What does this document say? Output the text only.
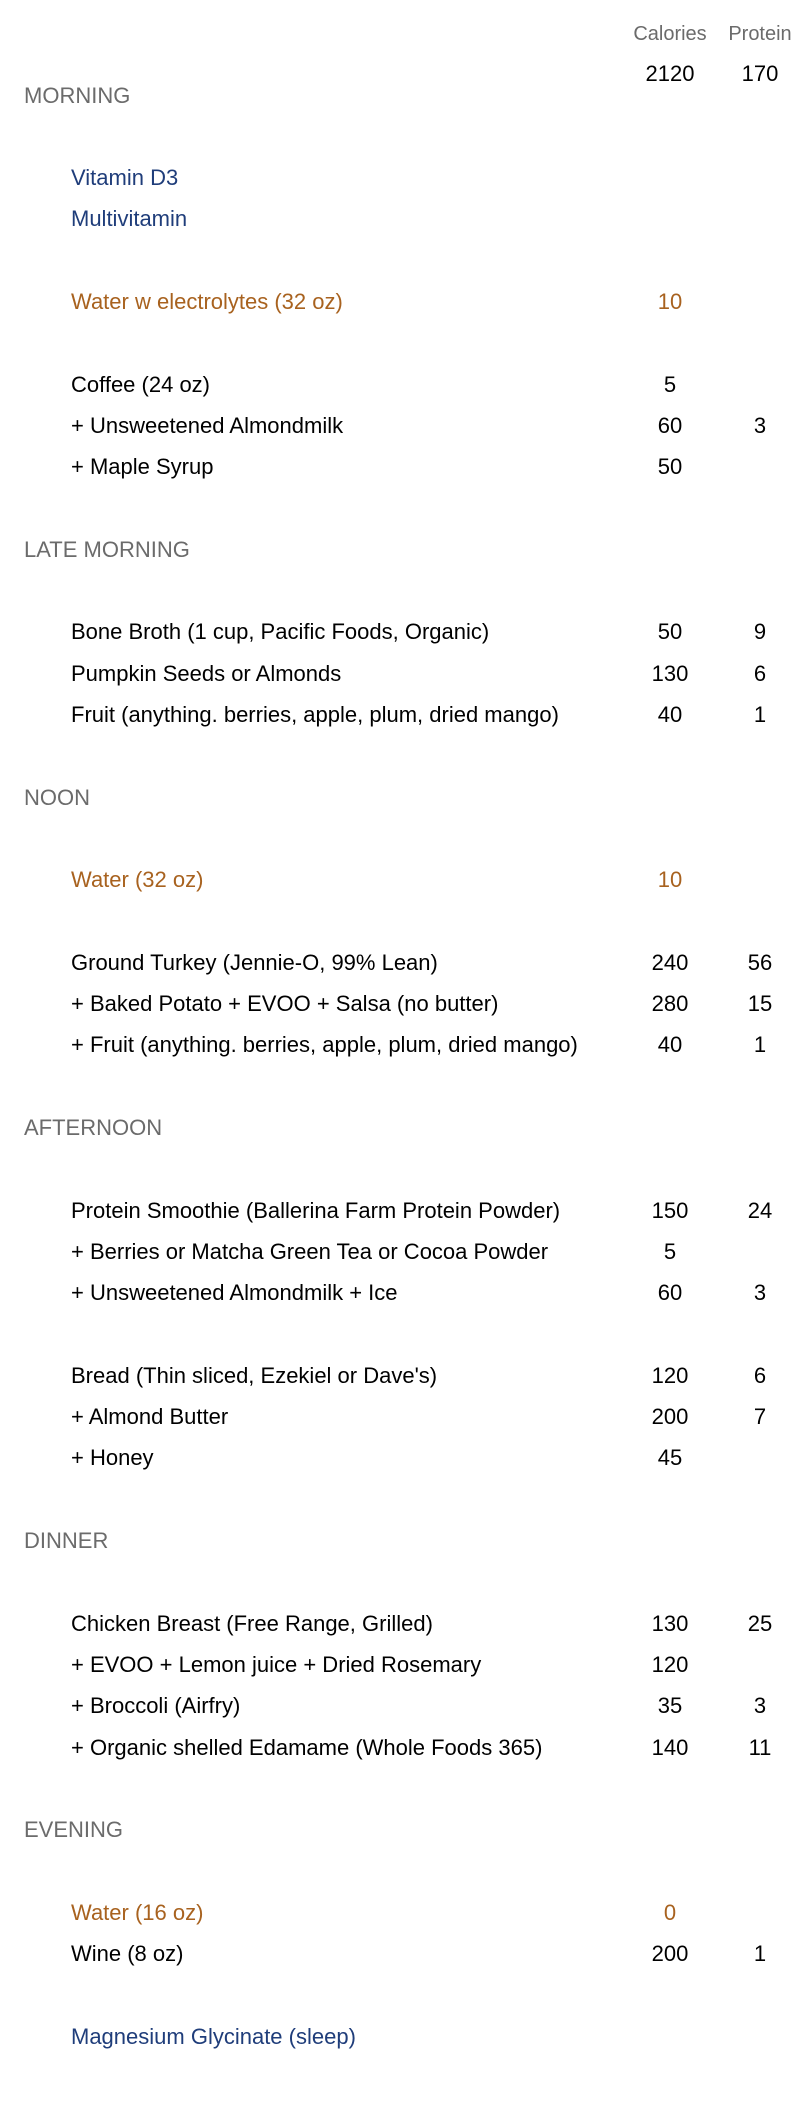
Calories	Protein
2120	170
MORNING
Vitamin D3
Multivitamin
Water w electrolytes (32 oz)	10
Coffee (24 oz)	5
+ Unsweetened Almondmilk	60	3
+ Maple Syrup	50
LATE MORNING
Bone Broth (1 cup, Pacific Foods, Organic)	50	9
Pumpkin Seeds or Almonds	130	6
Fruit (anything. berries, apple, plum, dried mango)	40	1
NOON
Water (32 oz)	10
Ground Turkey (Jennie-O, 99% Lean)	240	56
+ Baked Potato + EVOO + Salsa (no butter)	280	15
+ Fruit (anything. berries, apple, plum, dried mango)	40	1
AFTERNOON
Protein Smoothie (Ballerina Farm Protein Powder)	150	24
+ Berries or Matcha Green Tea or Cocoa Powder	5
+ Unsweetened Almondmilk + Ice	60	3
Bread (Thin sliced, Ezekiel or Dave's)	120	6
+ Almond Butter	200	7
+ Honey	45
DINNER
Chicken Breast (Free Range, Grilled)	130	25
+ EVOO + Lemon juice + Dried Rosemary	120
+ Broccoli (Airfry)	35	3
+ Organic shelled Edamame (Whole Foods 365)	140	11
EVENING
Water (16 oz)	0
Wine (8 oz)	200	1
Magnesium Glycinate (sleep)
